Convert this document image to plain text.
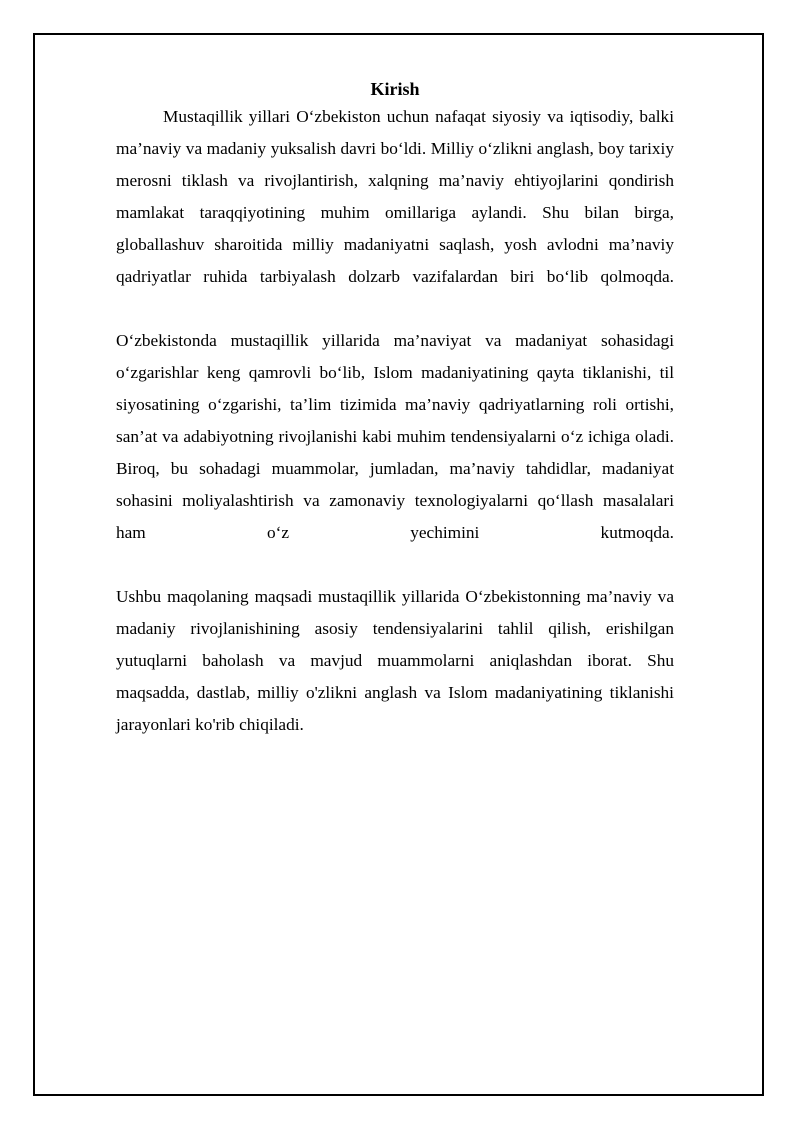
Kirish

Mustaqillik yillari O‘zbekiston uchun nafaqat siyosiy va iqtisodiy, balki ma’naviy va madaniy yuksalish davri bo‘ldi. Milliy o‘zlikni anglash, boy tarixiy merosni tiklash va rivojlantirish, xalqning ma’naviy ehtiyojlarini qondirish mamlakat taraqqiyotining muhim omillariga aylandi. Shu bilan birga, globallashuv sharoitida milliy madaniyatni saqlash, yosh avlodni ma’naviy qadriyatlar ruhida tarbiyalash dolzarb vazifalardan biri bo‘lib qolmoqda.

O‘zbekistonda mustaqillik yillarida ma’naviyat va madaniyat sohasidagi o‘zgarishlar keng qamrovli bo‘lib, Islom madaniyatining qayta tiklanishi, til siyosatining o‘zgarishi, ta’lim tizimida ma’naviy qadriyatlarning roli ortishi, san’at va adabiyotning rivojlanishi kabi muhim tendensiyalarni o‘z ichiga oladi. Biroq, bu sohadagi muammolar, jumladan, ma’naviy tahdidlar, madaniyat sohasini moliyalashtirish va zamonaviy texnologiyalarni qo‘llash masalalari ham o‘z yechimini kutmoqda.

Ushbu maqolaning maqsadi mustaqillik yillarida O‘zbekistonning ma’naviy va madaniy rivojlanishining asosiy tendensiyalarini tahlil qilish, erishilgan yutuqlarni baholash va mavjud muammolarni aniqlashdan iborat. Shu maqsadda, dastlab, milliy o'zlikni anglash va Islom madaniyatining tiklanishi jarayonlari ko'rib chiqiladi.
